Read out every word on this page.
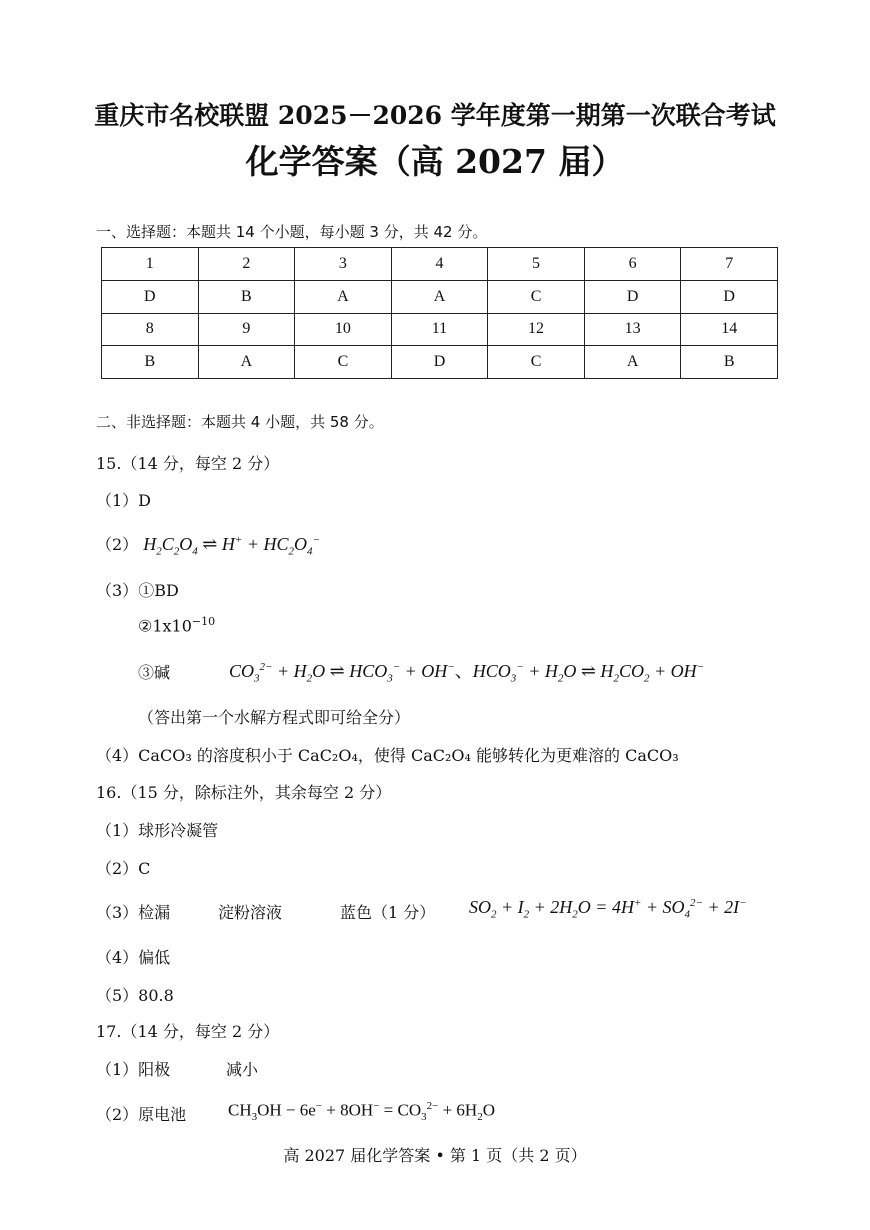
重庆市名校联盟 2025－2026 学年度第一期第一次联合考试
化学答案（高 2027 届）
一、选择题：本题共 14 个小题，每小题 3 分，共 42 分。
1	2	3	4	5	6	7
D	B	A	A	C	D	D
8	9	10	11	12	13	14
B	A	C	D	C	A	B
二、非选择题：本题共 4 小题，共 58 分。
15.（14 分，每空 2 分）
（1）D
（2） $H_2C_2O_4$ ⇌ $H^+ + HC_2O_4^-$
（3）①BD
$②1x10^{-10}$
③碱	$CO_3^{2-} + H_2O$ ⇌ $HCO_3^- + OH^-$、$HCO_3^- + H_2O$ ⇌ $H_2CO_2 + OH^-$
（答出第一个水解方程式即可给全分）
（4）CaCO₃ 的溶度积小于 CaC₂O₄，使得 CaC₂O₄ 能够转化为更难溶的 CaCO₃
16.（15 分，除标注外，其余每空 2 分）
（1）球形冷凝管
（2）C
（3）检漏	淀粉溶液	蓝色（1 分） $SO_2 + I_2 + 2H_2O = 4H^+ + SO_4^{2-} + 2I^-$
（4）偏低
（5）80.8
17.（14 分，每空 2 分）
（1）阳极	减小
（2）原电池 $CH_3OH - 6e^- + 8OH^- = CO_3^{2-} + 6H_2O$
高 2027 届化学答案 • 第 1 页（共 2 页）
